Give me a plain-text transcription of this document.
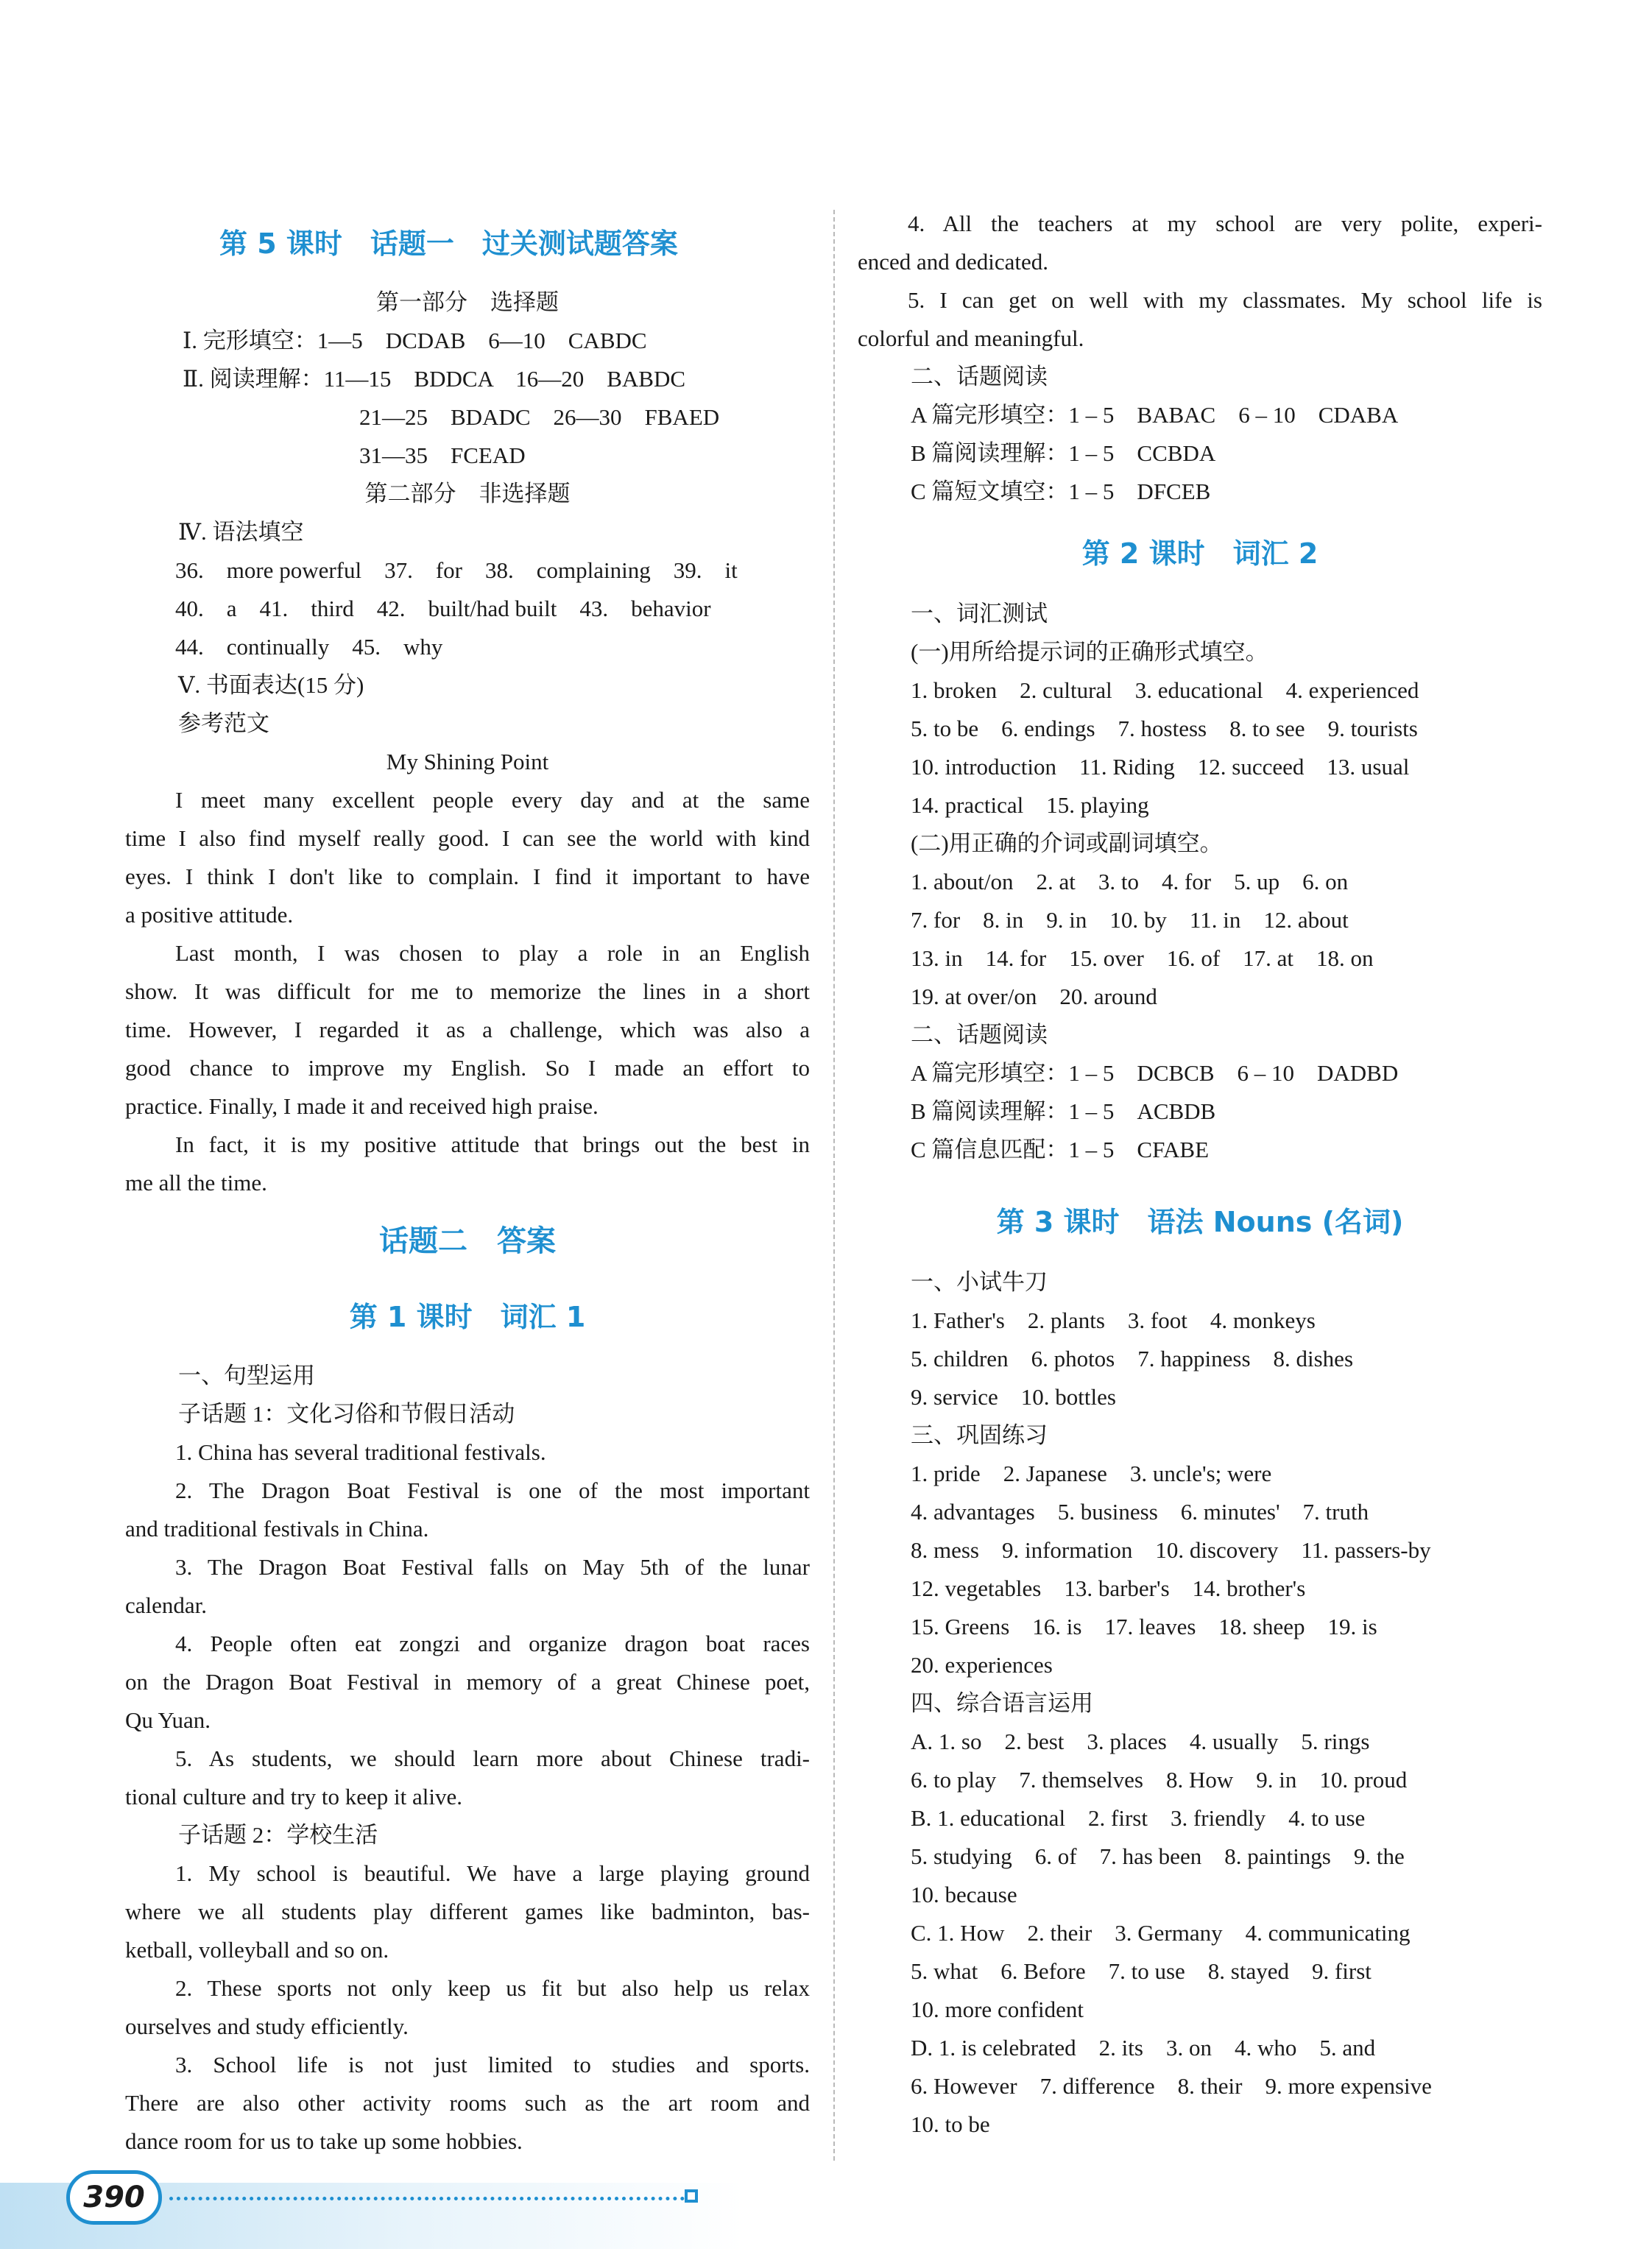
第 5 课时　话题一　过关测试题答案
第一部分　选择题
Ⅰ. 完形填空：1—5　DCDAB　6—10　CABDC
Ⅱ. 阅读理解：11—15　BDDCA　16—20　BABDC
21—25　BDADC　26—30　FBAED
31—35　FCEAD
第二部分　非选择题
Ⅳ. 语法填空
36.　more powerful　37.　for　38.　complaining　39.　it
40.　a　41.　third　42.　built/had built　43.　behavior
44.　continually　45.　why
Ⅴ. 书面表达(15 分)
参考范文
My Shining Point
I meet many excellent people every day and at the same
time I also find myself really good. I can see the world with kind
eyes. I think I don't like to complain. I find it important to have
a positive attitude.
Last month, I was chosen to play a role in an English
show. It was difficult for me to memorize the lines in a short
time. However, I regarded it as a challenge, which was also a
good chance to improve my English. So I made an effort to
practice. Finally, I made it and received high praise.
In fact, it is my positive attitude that brings out the best in
me all the time.
话题二　答案
第 1 课时　词汇 1
一、句型运用
子话题 1：文化习俗和节假日活动
1. China has several traditional festivals.
2. The Dragon Boat Festival is one of the most important
and traditional festivals in China.
3. The Dragon Boat Festival falls on May 5th of the lunar
calendar.
4. People often eat zongzi and organize dragon boat races
on the Dragon Boat Festival in memory of a great Chinese poet,
Qu Yuan.
5. As students, we should learn more about Chinese tradi-
tional culture and try to keep it alive.
子话题 2：学校生活
1. My school is beautiful. We have a large playing ground
where we all students play different games like badminton, bas-
ketball, volleyball and so on.
2. These sports not only keep us fit but also help us relax
ourselves and study efficiently.
3. School life is not just limited to studies and sports.
There are also other activity rooms such as the art room and
dance room for us to take up some hobbies.
4. All the teachers at my school are very polite, experi-
enced and dedicated.
5. I can get on well with my classmates. My school life is
colorful and meaningful.
二、话题阅读
A 篇完形填空：1 – 5　BABAC　6 – 10　CDABA
B 篇阅读理解：1 – 5　CCBDA
C 篇短文填空：1 – 5　DFCEB
第 2 课时　词汇 2
一、词汇测试
(一)用所给提示词的正确形式填空。
1. broken　2. cultural　3. educational　4. experienced
5. to be　6. endings　7. hostess　8. to see　9. tourists
10. introduction　11. Riding　12. succeed　13. usual
14. practical　15. playing
(二)用正确的介词或副词填空。
1. about/on　2. at　3. to　4. for　5. up　6. on
7. for　8. in　9. in　10. by　11. in　12. about
13. in　14. for　15. over　16. of　17. at　18. on
19. at over/on　20. around
二、话题阅读
A 篇完形填空：1 – 5　DCBCB　6 – 10　DADBD
B 篇阅读理解：1 – 5　ACBDB
C 篇信息匹配：1 – 5　CFABE
第 3 课时　语法 Nouns (名词)
一、小试牛刀
1. Father's　2. plants　3. foot　4. monkeys
5. children　6. photos　7. happiness　8. dishes
9. service　10. bottles
三、巩固练习
1. pride　2. Japanese　3. uncle's; were
4. advantages　5. business　6. minutes'　7. truth
8. mess　9. information　10. discovery　11. passers-by
12. vegetables　13. barber's　14. brother's
15. Greens　16. is　17. leaves　18. sheep　19. is
20. experiences
四、综合语言运用
A. 1. so　2. best　3. places　4. usually　5. rings
6. to play　7. themselves　8. How　9. in　10. proud
B. 1. educational　2. first　3. friendly　4. to use
5. studying　6. of　7. has been　8. paintings　9. the
10. because
C. 1. How　2. their　3. Germany　4. communicating
5. what　6. Before　7. to use　8. stayed　9. first
10. more confident
D. 1. is celebrated　2. its　3. on　4. who　5. and
6. However　7. difference　8. their　9. more expensive
10. to be
390
